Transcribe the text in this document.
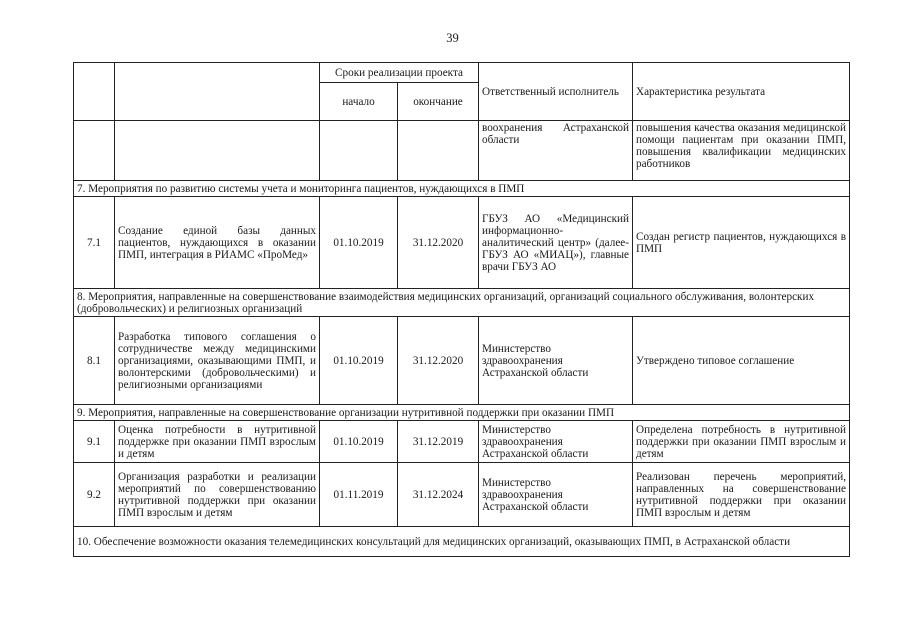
39
		Сроки реализации проекта		Ответственный исполнитель	Характеристика результата
		начало	окончание		
				воохранения Астраханской области	повышения качества оказания медицинской помощи пациентам при оказании ПМП, повышения квалификации медицинских работников
7. Мероприятия по развитию системы учета и мониторинга пациентов, нуждающихся в ПМП					
7.1	Создание единой базы данных пациентов, нуждающихся в оказании ПМП, интеграция в РИАМС «ПроМед»	01.10.2019	31.12.2020	ГБУЗ АО «Медицинский информационно-аналитический центр» (далее- ГБУЗ АО «МИАЦ»), главные врачи ГБУЗ АО	Создан регистр пациентов, нуждающихся в ПМП
8. Мероприятия, направленные на совершенствование взаимодействия медицинских организаций, организаций социального обслуживания, волонтерских (добровольческих) и религиозных организаций					
8.1	Разработка типового соглашения о сотрудничестве между медицинскими организациями, оказывающими ПМП, и волонтерскими (добровольческими) и религиозными организациями	01.10.2019	31.12.2020	Министерство здравоохранения Астраханской области	Утверждено типовое соглашение
9. Мероприятия, направленные на совершенствование организации нутритивной поддержки при оказании ПМП					
9.1	Оценка потребности в нутритивной поддержке при оказании ПМП взрослым и детям	01.10.2019	31.12.2019	Министерство здравоохранения Астраханской области	Определена потребность в нутритивной поддержки при оказании ПМП взрослым и детям
9.2	Организация разработки и реализации мероприятий по совершенствованию нутритивной поддержки при оказании ПМП взрослым и детям	01.11.2019	31.12.2024	Министерство здравоохранения Астраханской области	Реализован перечень мероприятий, направленных на совершенствование нутритивной поддержки при оказании ПМП взрослым и детям
10. Обеспечение возможности оказания телемедицинских консультаций для медицинских организаций, оказывающих ПМП, в Астраханской области					
